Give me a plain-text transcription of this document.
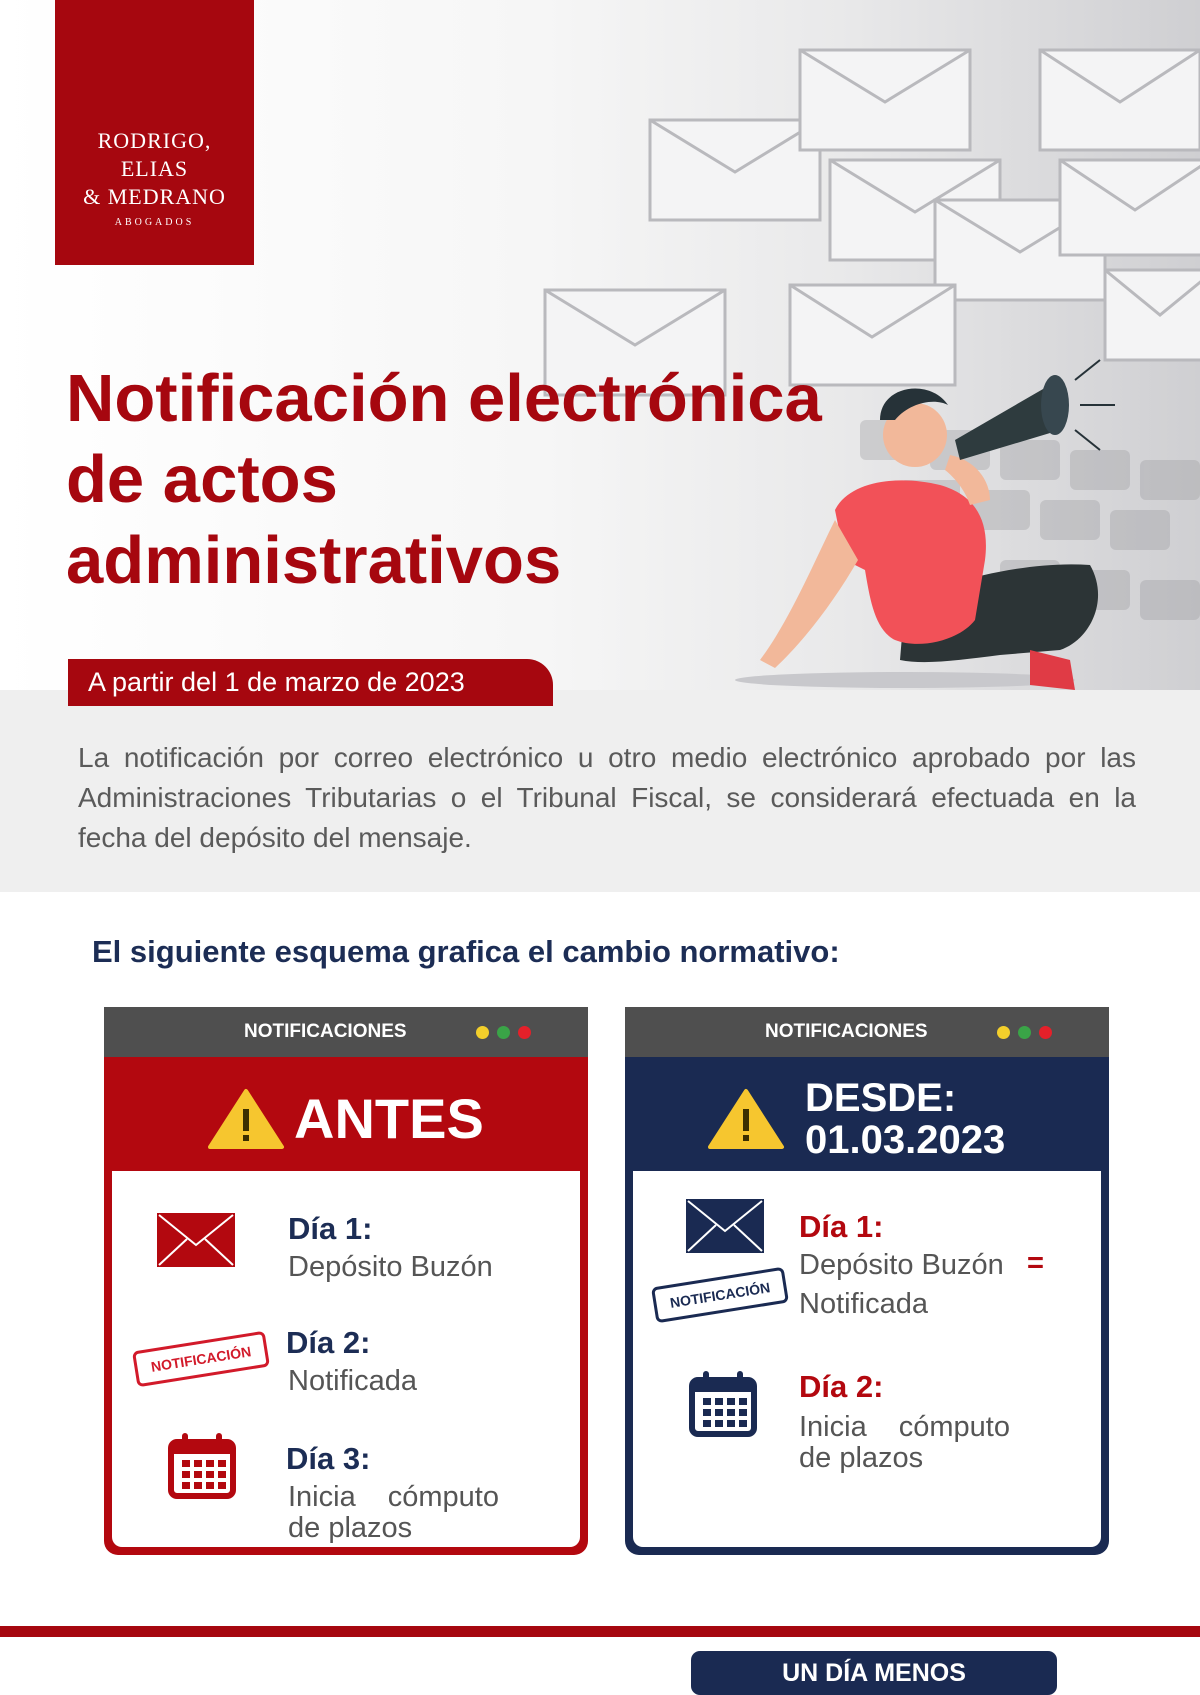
RODRIGO,
ELIAS
& MEDRANO
ABOGADOS
Notificación electrónica de actos administrativos
A partir del 1 de marzo de 2023

La notificación por correo electrónico u otro medio electrónico aprobado por las Administraciones Tributarias o el Tribunal Fiscal, se considerará efectuada en la fecha del depósito del mensaje.

El siguiente esquema grafica el cambio normativo:
NOTIFICACIONES
ANTES
Día 1:
Depósito Buzón
NOTIFICACIÓN	Día 2:
Notificada
Día 3:
Inicia cómputo
de plazos
NOTIFICACIONES
DESDE:
01.03.2023
NOTIFICACIÓN
Día 1:
Depósito Buzón =
Notificada
Día 2:
Inicia cómputo
de plazos
UN DÍA MENOS
